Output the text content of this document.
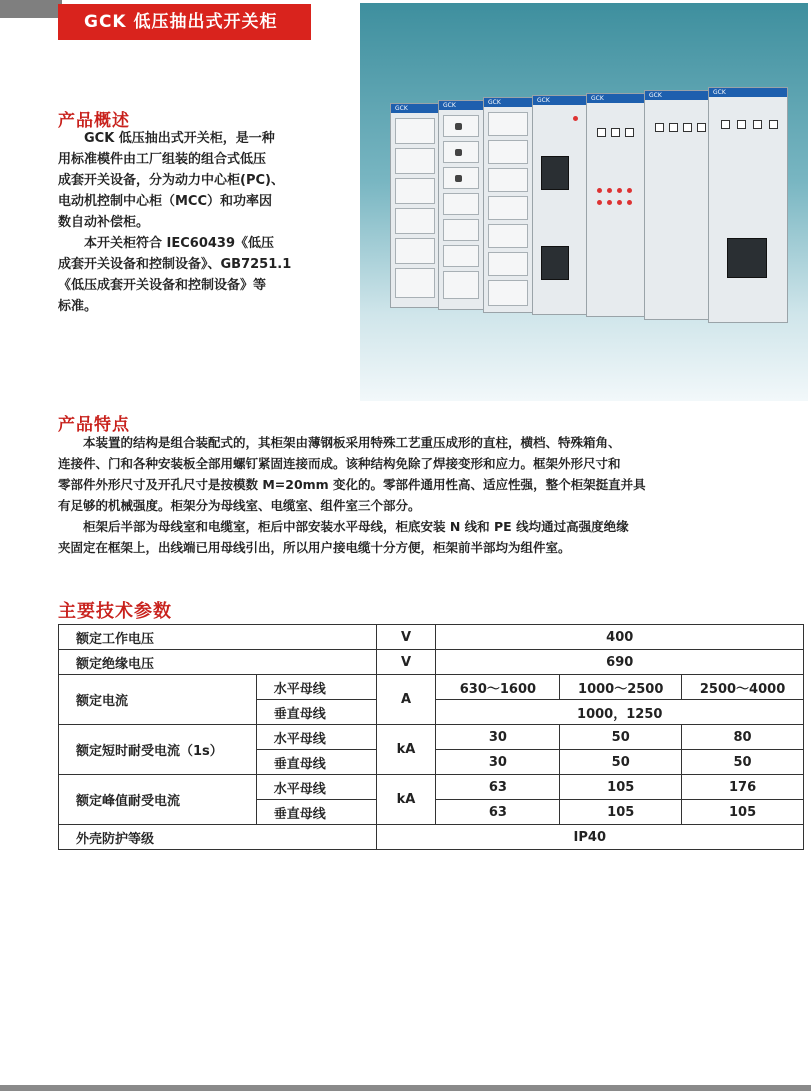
GCK 低压抽出式开关柜
产品概述
GCK 低压抽出式开关柜，是一种
用标准模件由工厂组装的组合式低压
成套开关设备，分为动力中心柜(PC)、
电动机控制中心柜（MCC）和功率因
数自动补偿柜。
本开关柜符合 IEC60439《低压
成套开关设备和控制设备》、GB7251.1
《低压成套开关设备和控制设备》等
标准。
GCK	GCK	GCK	GCK	GCK	GCK	GCK
产品特点
本装置的结构是组合装配式的，其柜架由薄钢板采用特殊工艺重压成形的直柱，横档、特殊箱角、
连接件、门和各种安装板全部用螺钉紧固连接而成。该种结构免除了焊接变形和应力。框架外形尺寸和
零部件外形尺寸及开孔尺寸是按模数 M=20mm 变化的。零部件通用性高、适应性强，整个柜架挺直并具
有足够的机械强度。柜架分为母线室、电缆室、组件室三个部分。
柜架后半部为母线室和电缆室，柜后中部安装水平母线，柜底安装 N 线和 PE 线均通过高强度绝缘
夹固定在框架上，出线端已用母线引出，所以用户接电缆十分方便，柜架前半部均为组件室。
主要技术参数
额定工作电压		V	400		
额定绝缘电压		V	690		
额定电流	水平母线	A	630～1600	1000～2500	2500～4000
	垂直母线		1000，1250		
额定短时耐受电流（1s）	水平母线	kA	30	50	80
	垂直母线		30	50	50
额定峰值耐受电流	水平母线	kA	63	105	176
	垂直母线		63	105	105
外壳防护等级		IP40			
